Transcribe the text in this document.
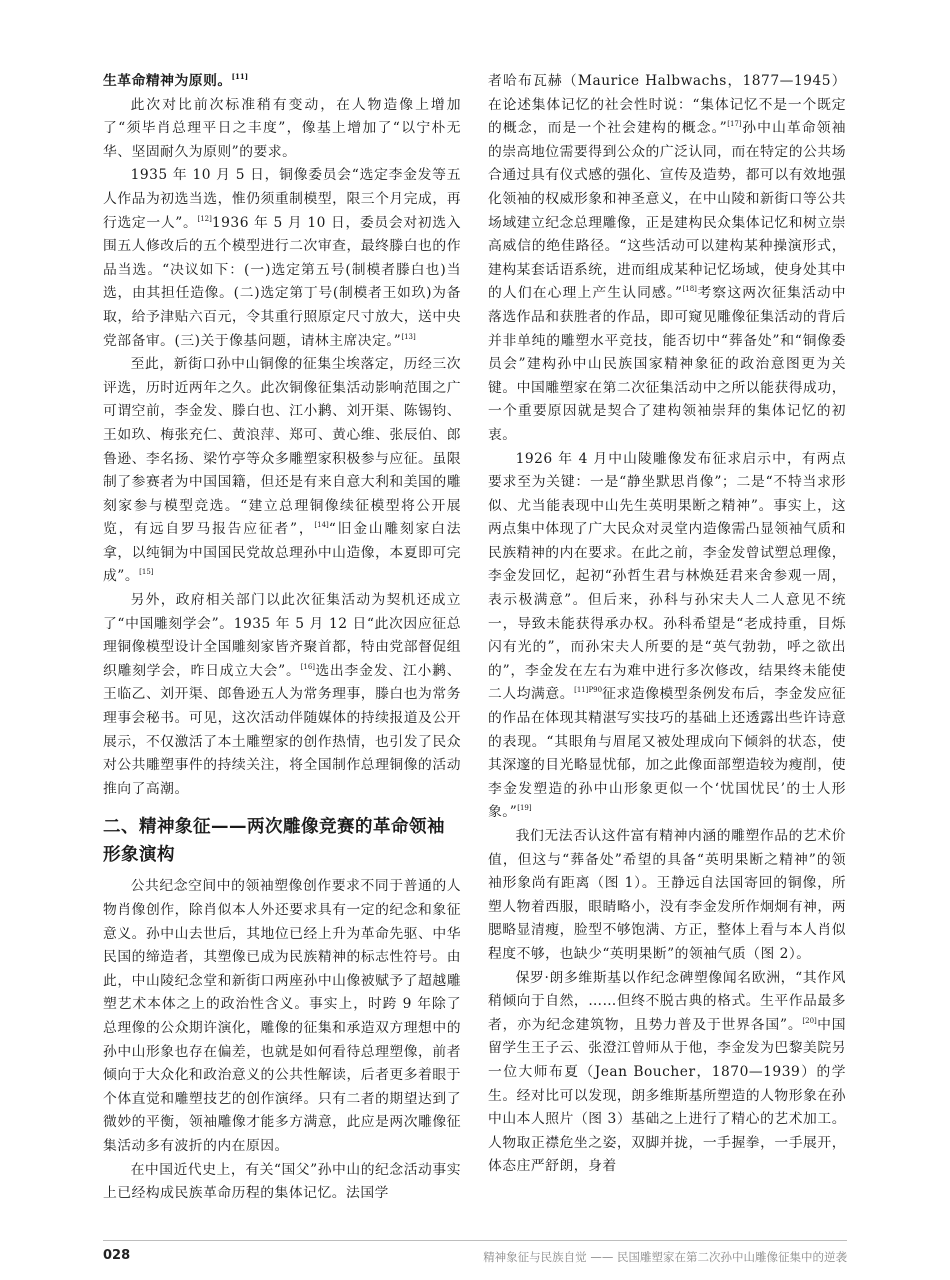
生革命精神为原则。[11]

此次对比前次标准稍有变动，在人物造像上增加了“须毕肖总理平日之丰度”，像基上增加了“以宁朴无华、坚固耐久为原则”的要求。

1935 年 10 月 5 日，铜像委员会“选定李金发等五人作品为初选当选，惟仍须重制模型，限三个月完成，再行选定一人”。[12]1936 年 5 月 10 日，委员会对初选入围五人修改后的五个模型进行二次审查，最终滕白也的作品当选。“决议如下：(一)选定第五号(制模者滕白也)当选，由其担任造像。(二)选定第丁号(制模者王如玖)为备取，给予津贴六百元，令其重行照原定尺寸放大，送中央党部备审。(三)关于像基问题，请林主席决定。”[13]

至此，新街口孙中山铜像的征集尘埃落定，历经三次评选，历时近两年之久。此次铜像征集活动影响范围之广可谓空前，李金发、滕白也、江小鹣、刘开渠、陈锡钧、王如玖、梅张充仁、黄浪萍、郑可、黄心维、张辰伯、郎鲁逊、李名扬、梁竹亭等众多雕塑家积极参与应征。虽限制了参赛者为中国国籍，但还是有来自意大利和美国的雕刻家参与模型竞选。“建立总理铜像续征模型将公开展览，有远自罗马报告应征者”，[14]“旧金山雕刻家白法拿，以纯铜为中国国民党故总理孙中山造像，本夏即可完成”。[15]

另外，政府相关部门以此次征集活动为契机还成立了“中国雕刻学会”。1935 年 5 月 12 日“此次因应征总理铜像模型设计全国雕刻家皆齐聚首都，特由党部督促组织雕刻学会，昨日成立大会”。[16]选出李金发、江小鹣、王临乙、刘开渠、郎鲁逊五人为常务理事，滕白也为常务理事会秘书。可见，这次活动伴随媒体的持续报道及公开展示，不仅激活了本土雕塑家的创作热情，也引发了民众对公共雕塑事件的持续关注，将全国制作总理铜像的活动推向了高潮。

二、精神象征——两次雕像竞赛的革命领袖形象演构

公共纪念空间中的领袖塑像创作要求不同于普通的人物肖像创作，除肖似本人外还要求具有一定的纪念和象征意义。孙中山去世后，其地位已经上升为革命先驱、中华民国的缔造者，其塑像已成为民族精神的标志性符号。由此，中山陵纪念堂和新街口两座孙中山像被赋予了超越雕塑艺术本体之上的政治性含义。事实上，时跨 9 年除了总理像的公众期许演化，雕像的征集和承造双方理想中的孙中山形象也存在偏差，也就是如何看待总理塑像，前者倾向于大众化和政治意义的公共性解读，后者更多着眼于个体直觉和雕塑技艺的创作演绎。只有二者的期望达到了微妙的平衡，领袖雕像才能多方满意，此应是两次雕像征集活动多有波折的内在原因。

在中国近代史上，有关“国父”孙中山的纪念活动事实上已经构成民族革命历程的集体记忆。法国学

者哈布瓦赫（Maurice Halbwachs，1877—1945）在论述集体记忆的社会性时说：“集体记忆不是一个既定的概念，而是一个社会建构的概念。”[17]孙中山革命领袖的崇高地位需要得到公众的广泛认同，而在特定的公共场合通过具有仪式感的强化、宣传及造势，都可以有效地强化领袖的权威形象和神圣意义，在中山陵和新街口等公共场域建立纪念总理雕像，正是建构民众集体记忆和树立崇高威信的绝佳路径。“这些活动可以建构某种操演形式，建构某套话语系统，进而组成某种记忆场域，使身处其中的人们在心理上产生认同感。”[18]考察这两次征集活动中落选作品和获胜者的作品，即可窥见雕像征集活动的背后并非单纯的雕塑水平竞技，能否切中“葬备处”和“铜像委员会”建构孙中山民族国家精神象征的政治意图更为关键。中国雕塑家在第二次征集活动中之所以能获得成功，一个重要原因就是契合了建构领袖崇拜的集体记忆的初衷。

1926 年 4 月中山陵雕像发布征求启示中，有两点要求至为关键：一是“静坐默思肖像”；二是“不特当求形似、尤当能表现中山先生英明果断之精神”。事实上，这两点集中体现了广大民众对灵堂内造像需凸显领袖气质和民族精神的内在要求。在此之前，李金发曾试塑总理像，李金发回忆，起初“孙哲生君与林焕廷君来舍参观一周，表示极满意”。但后来，孙科与孙宋夫人二人意见不统一，导致未能获得承办权。孙科希望是“老成持重，目烁闪有光的”，而孙宋夫人所要的是“英气勃勃，呼之欲出的”，李金发在左右为难中进行多次修改，结果终未能使二人均满意。$^{[11]P90}$征求造像模型条例发布后，李金发应征的作品在体现其精湛写实技巧的基础上还透露出些许诗意的表现。“其眼角与眉尾又被处理成向下倾斜的状态，使其深邃的目光略显忧郁，加之此像面部塑造较为瘦削，使李金发塑造的孙中山形象更似一个‘忧国忧民’的士人形象。”[19]

我们无法否认这件富有精神内涵的雕塑作品的艺术价值，但这与“葬备处”希望的具备“英明果断之精神”的领袖形象尚有距离（图 1）。王静远自法国寄回的铜像，所塑人物着西服，眼睛略小，没有李金发所作炯炯有神，两腮略显清瘦，脸型不够饱满、方正，整体上看与本人肖似程度不够，也缺少“英明果断”的领袖气质（图 2）。

保罗·朗多维斯基以作纪念碑塑像闻名欧洲，“其作风稍倾向于自然，……但终不脱古典的格式。生平作品最多者，亦为纪念建筑物，且势力普及于世界各国”。[20]中国留学生王子云、张澄江曾师从于他，李金发为巴黎美院另一位大师布夏（Jean Boucher，1870—1939）的学生。经对比可以发现，朗多维斯基所塑造的人物形象在孙中山本人照片（图 3）基础之上进行了精心的艺术加工。人物取正襟危坐之姿，双脚并拢，一手握拳，一手展开，体态庄严舒朗，身着

028	精神象征与民族自觉 —— 民国雕塑家在第二次孙中山雕像征集中的逆袭
